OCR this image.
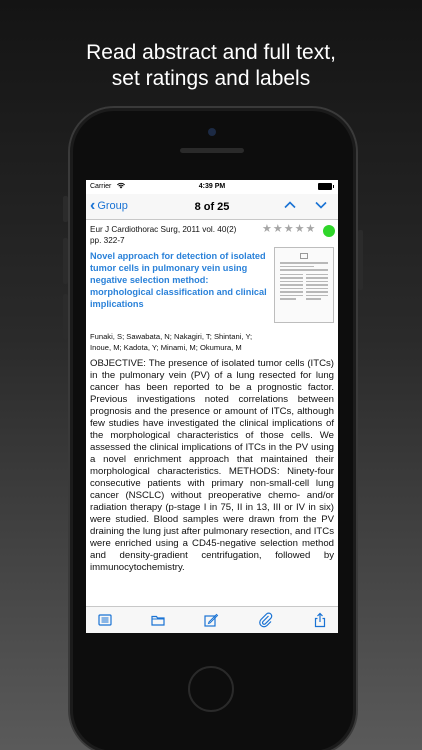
Read abstract and full text,
set ratings and labels
Carrier	4:39 PM
‹ Group	8 of 25
Eur J Cardiothorac Surg, 2011 vol. 40(2)
pp. 322-7
★ ★ ★ ★ ★
Novel approach for detection of isolated tumor cells in pulmonary vein using negative selection method: morphological classification and clinical implications
Funaki, S; Sawabata, N; Nakagiri, T; Shintani, Y; Inoue, M; Kadota, Y; Minami, M; Okumura, M
OBJECTIVE: The presence of isolated tumor cells (ITCs) in the pulmonary vein (PV) of a lung resected for lung cancer has been reported to be a prognostic factor. Previous investigations noted correlations between prognosis and the presence or amount of ITCs, although few studies have investigated the clinical implications of the morphological characteristics of those cells. We assessed the clinical implications of ITCs in the PV using a novel enrichment approach that maintained their morphological characteristics. METHODS: Ninety-four consecutive patients with primary non-small-cell lung cancer (NSCLC) without preoperative chemo- and/or radiation therapy (p-stage I in 75, II in 13, III or IV in six) were studied. Blood samples were drawn from the PV draining the lung just after pulmonary resection, and ITCs were enriched using a CD45-negative selection method and density-gradient centrifugation, followed by immunocytochemistry.
